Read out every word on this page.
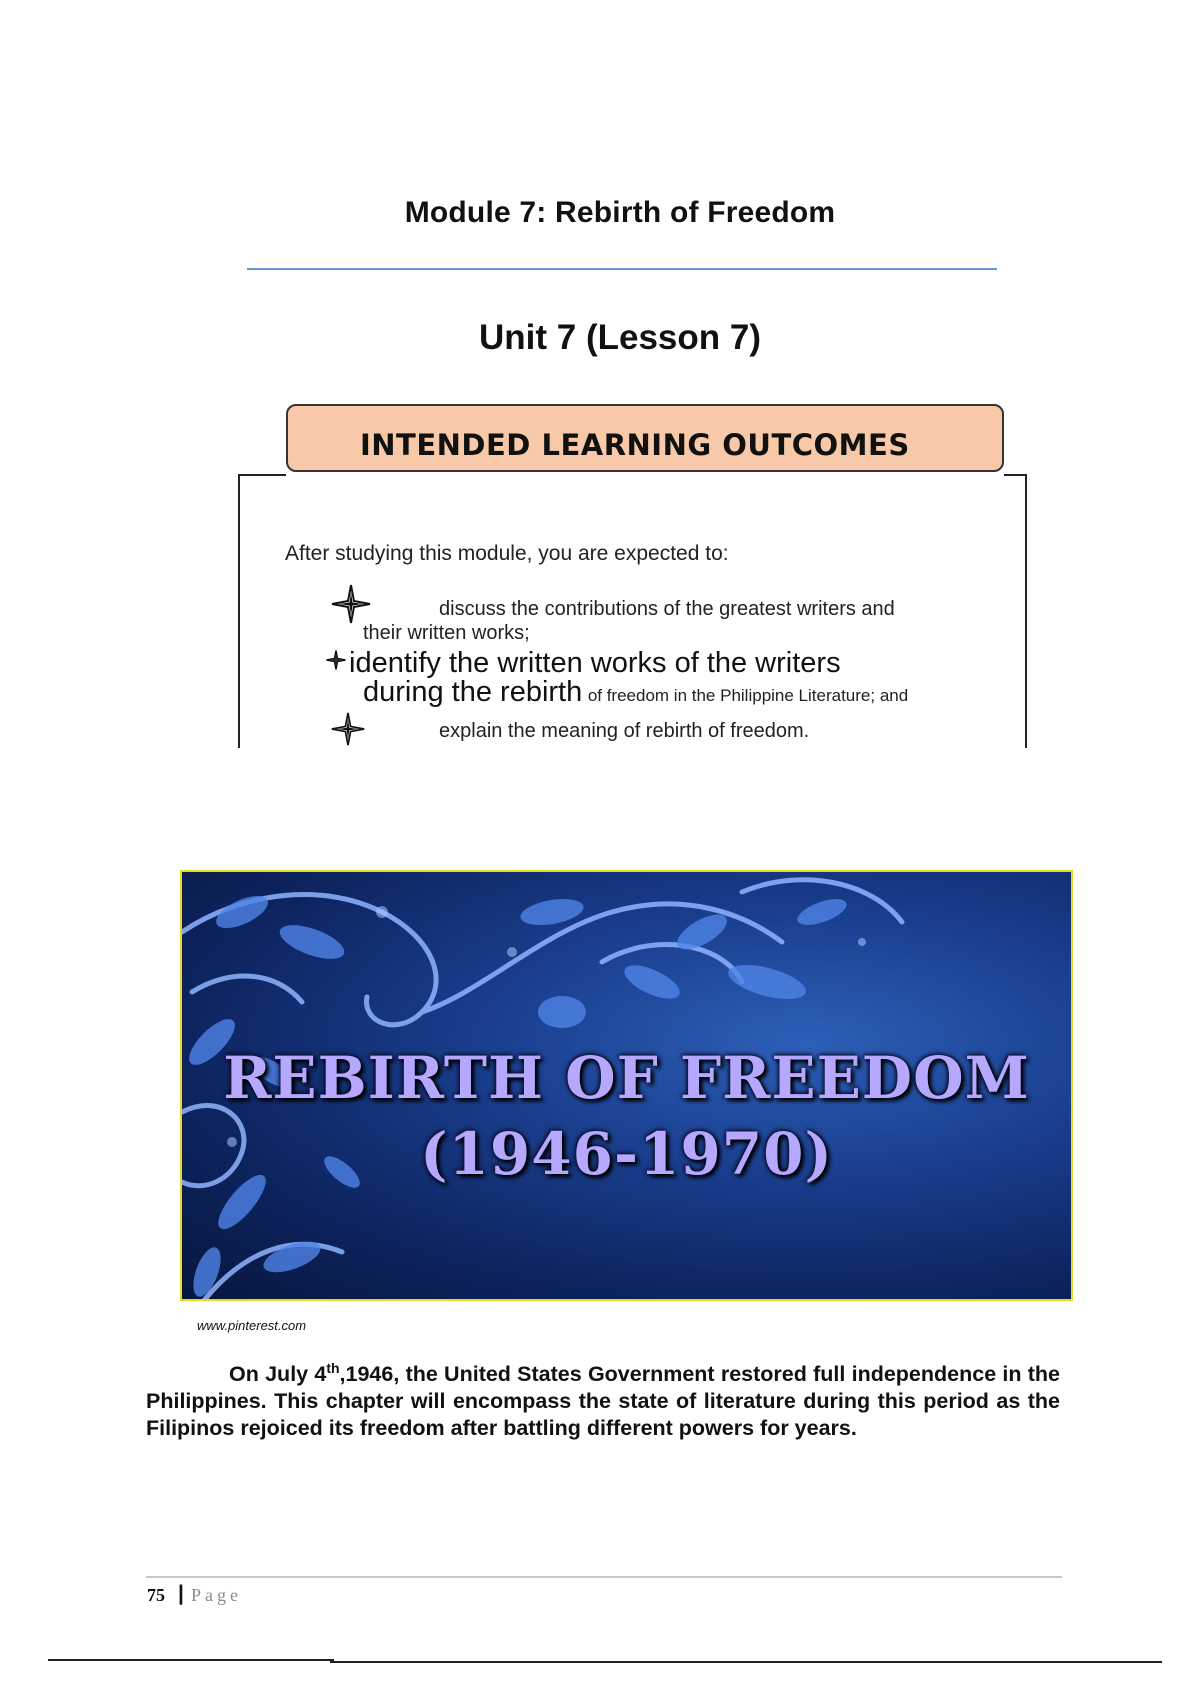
Module 7: Rebirth of Freedom
Unit 7 (Lesson 7)
INTENDED LEARNING OUTCOMES
After studying this module, you are expected to:
discuss the contributions of the greatest writers and
their written works;
identify the written works of the writers
during the rebirth of freedom in the Philippine Literature; and
explain the meaning of rebirth of freedom.
REBIRTH OF FREEDOM
(1946-1970)
www.pinterest.com
On July 4th,1946, the United States Government restored full independence in the Philippines. This chapter will encompass the state of literature during this period as the Filipinos rejoiced its freedom after battling different powers for years.
75 | Page
